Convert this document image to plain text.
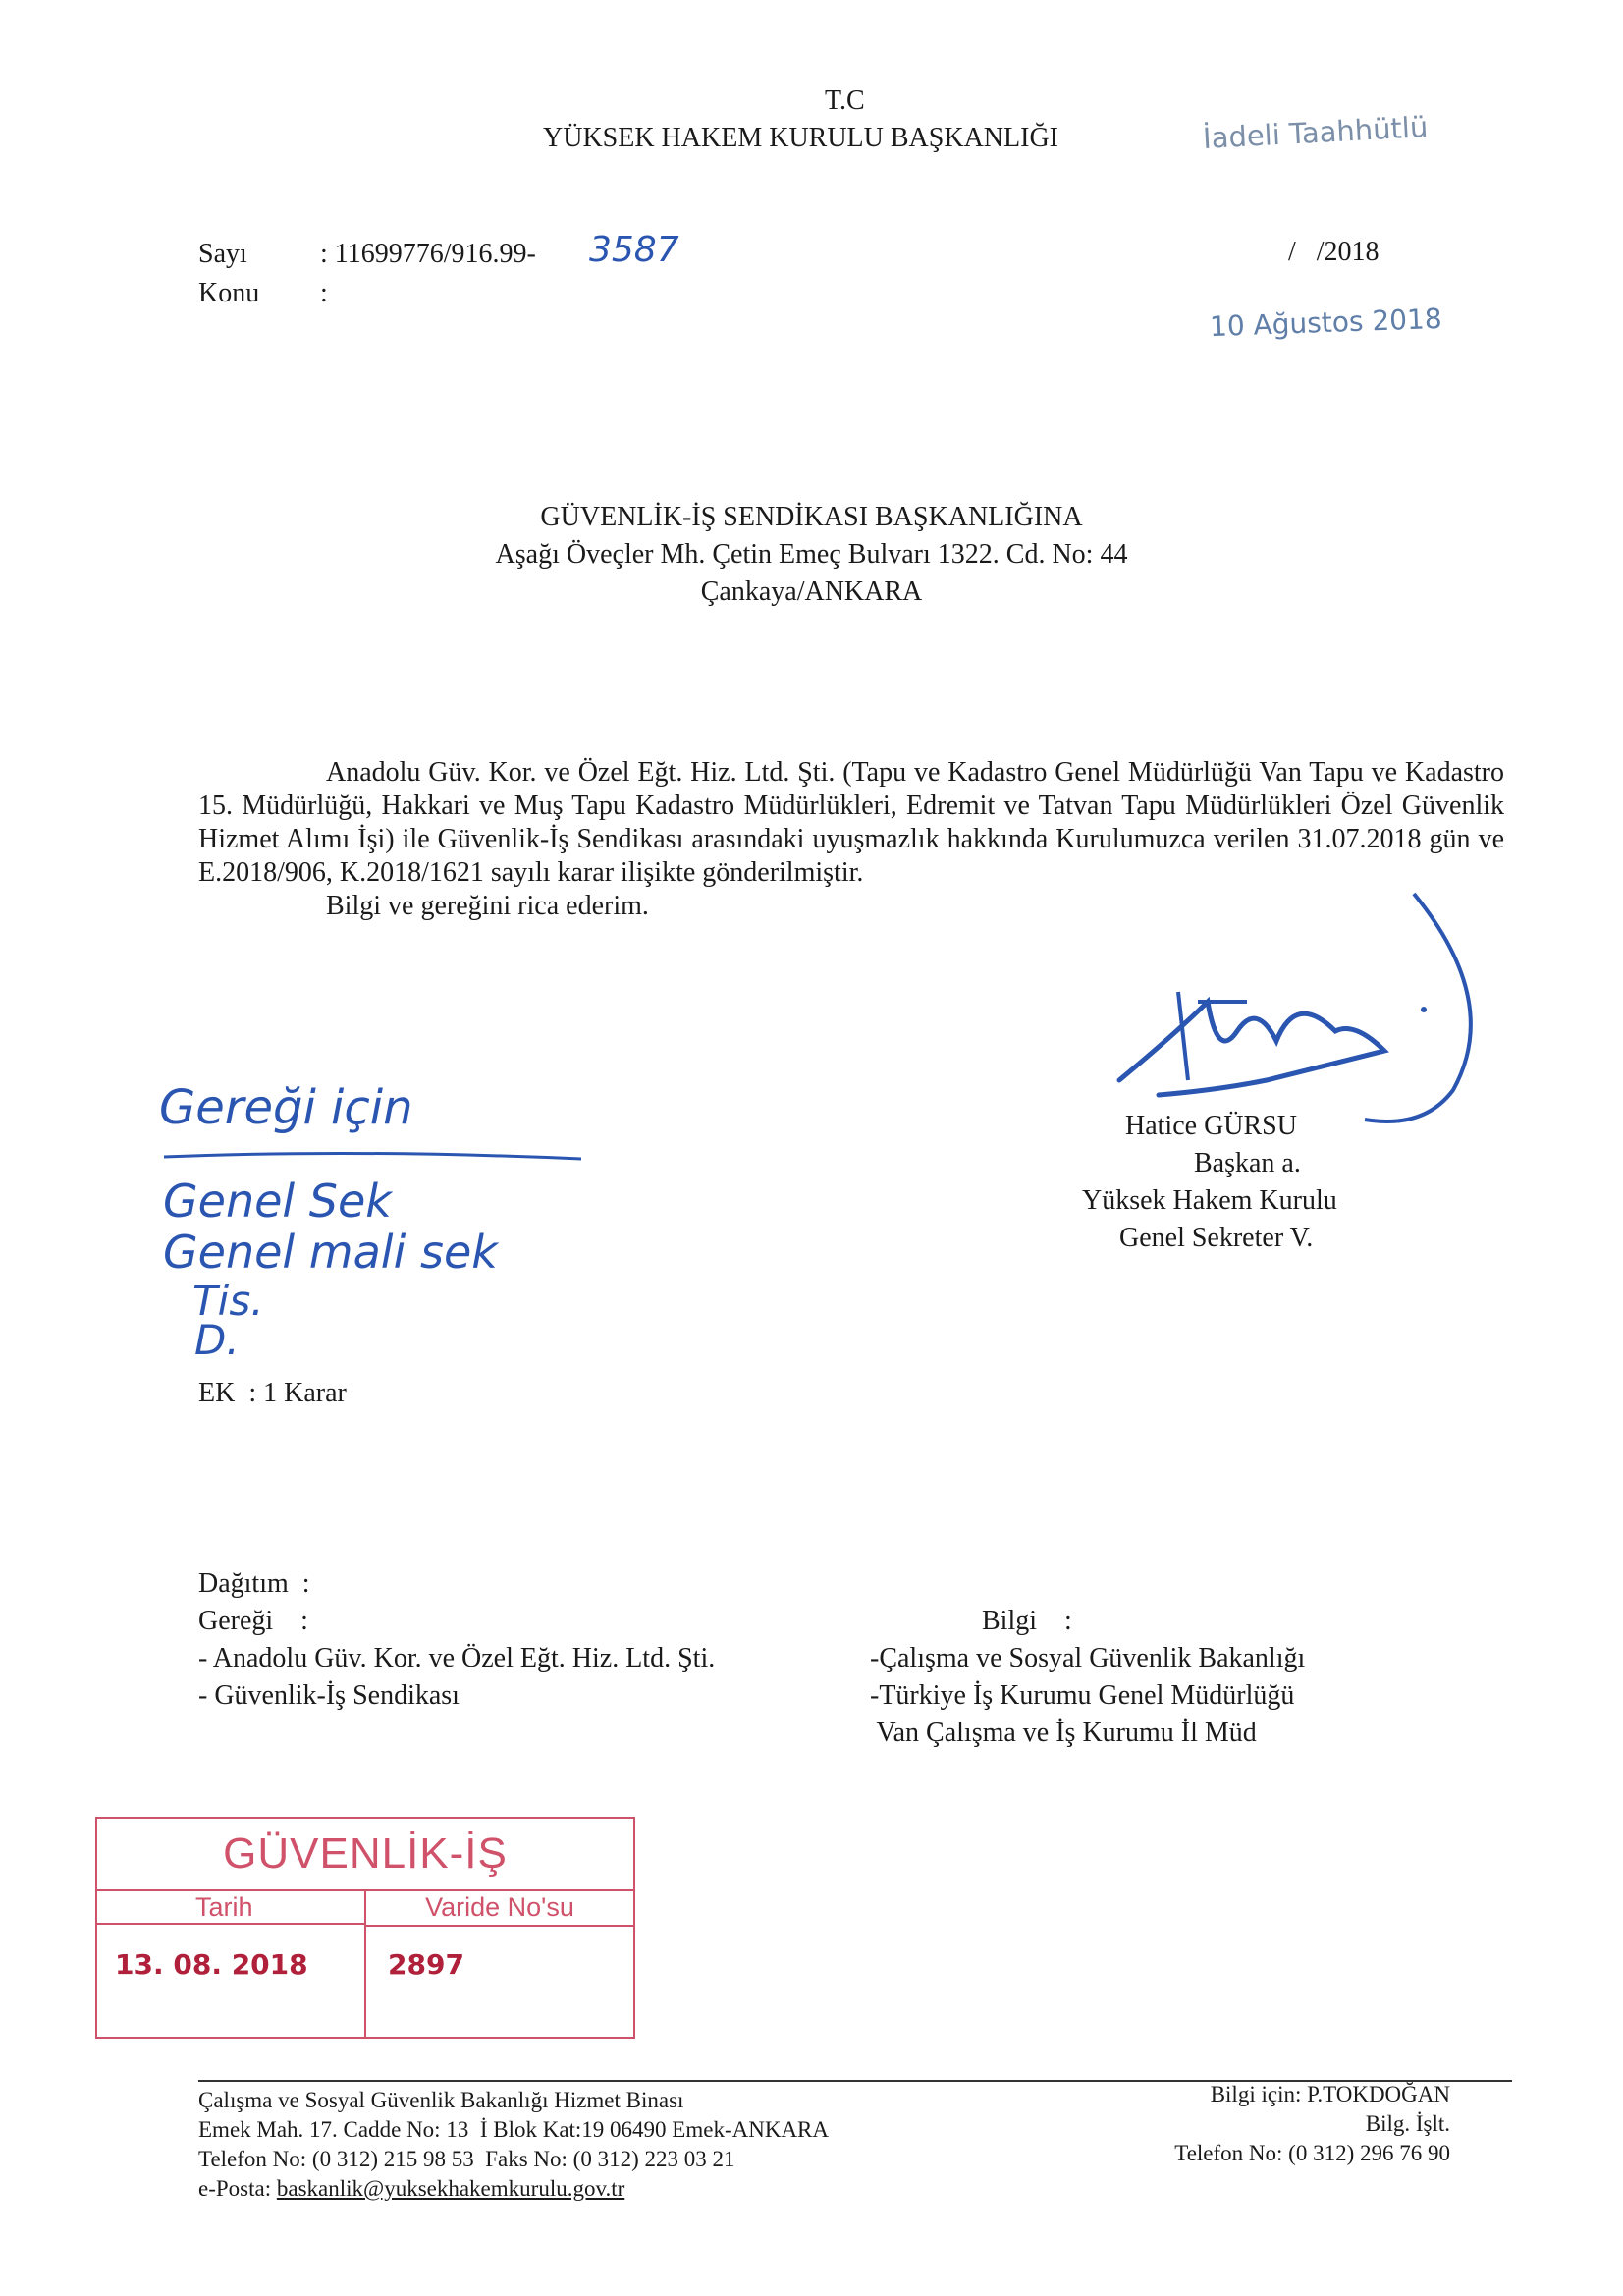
T.C
YÜKSEK HAKEM KURULU BAŞKANLIĞI	İadeli Taahhütlü
Sayı	: 11699776/916.99- 3587
Konu :
/   /2018
10 Ağustos 2018
GÜVENLİK-İŞ SENDİKASI BAŞKANLIĞINA
Aşağı Öveçler Mh. Çetin Emeç Bulvarı 1322. Cd. No: 44
Çankaya/ANKARA

Anadolu Güv. Kor. ve Özel Eğt. Hiz. Ltd. Şti. (Tapu ve Kadastro Genel Müdürlüğü Van Tapu ve Kadastro 15. Müdürlüğü, Hakkari ve Muş Tapu Kadastro Müdürlükleri, Edremit ve Tatvan Tapu Müdürlükleri Özel Güvenlik Hizmet Alımı İşi) ile Güvenlik-İş Sendikası arasındaki uyuşmazlık hakkında Kurulumuzca verilen 31.07.2018 gün ve E.2018/906, K.2018/1621 sayılı karar ilişikte gönderilmiştir.

Bilgi ve gereğini rica ederim.

Hatice GÜRSU
Başkan a.
Yüksek Hakem Kurulu
Genel Sekreter V.
Gereği için
Genel Sek
Genel mali sek
Tis.
D.
EK  : 1 Karar
Dağıtım  :
Gereği    :
- Anadolu Güv. Kor. ve Özel Eğt. Hiz. Ltd. Şti.
- Güvenlik-İş Sendikası
Bilgi    :
-Çalışma ve Sosyal Güvenlik Bakanlığı
-Türkiye İş Kurumu Genel Müdürlüğü
Van Çalışma ve İş Kurumu İl Müd
GÜVENLİK-İŞ
Tarih
13. 08. 2018
Varide No'su
2897
Çalışma ve Sosyal Güvenlik Bakanlığı Hizmet Binası
Emek Mah. 17. Cadde No: 13  İ Blok Kat:19 06490 Emek-ANKARA
Telefon No: (0 312) 215 98 53  Faks No: (0 312) 223 03 21
e-Posta: baskanlik@yuksekhakemkurulu.gov.tr
Bilgi için: P.TOKDOĞAN
Bilg. İşlt.
Telefon No: (0 312) 296 76 90
